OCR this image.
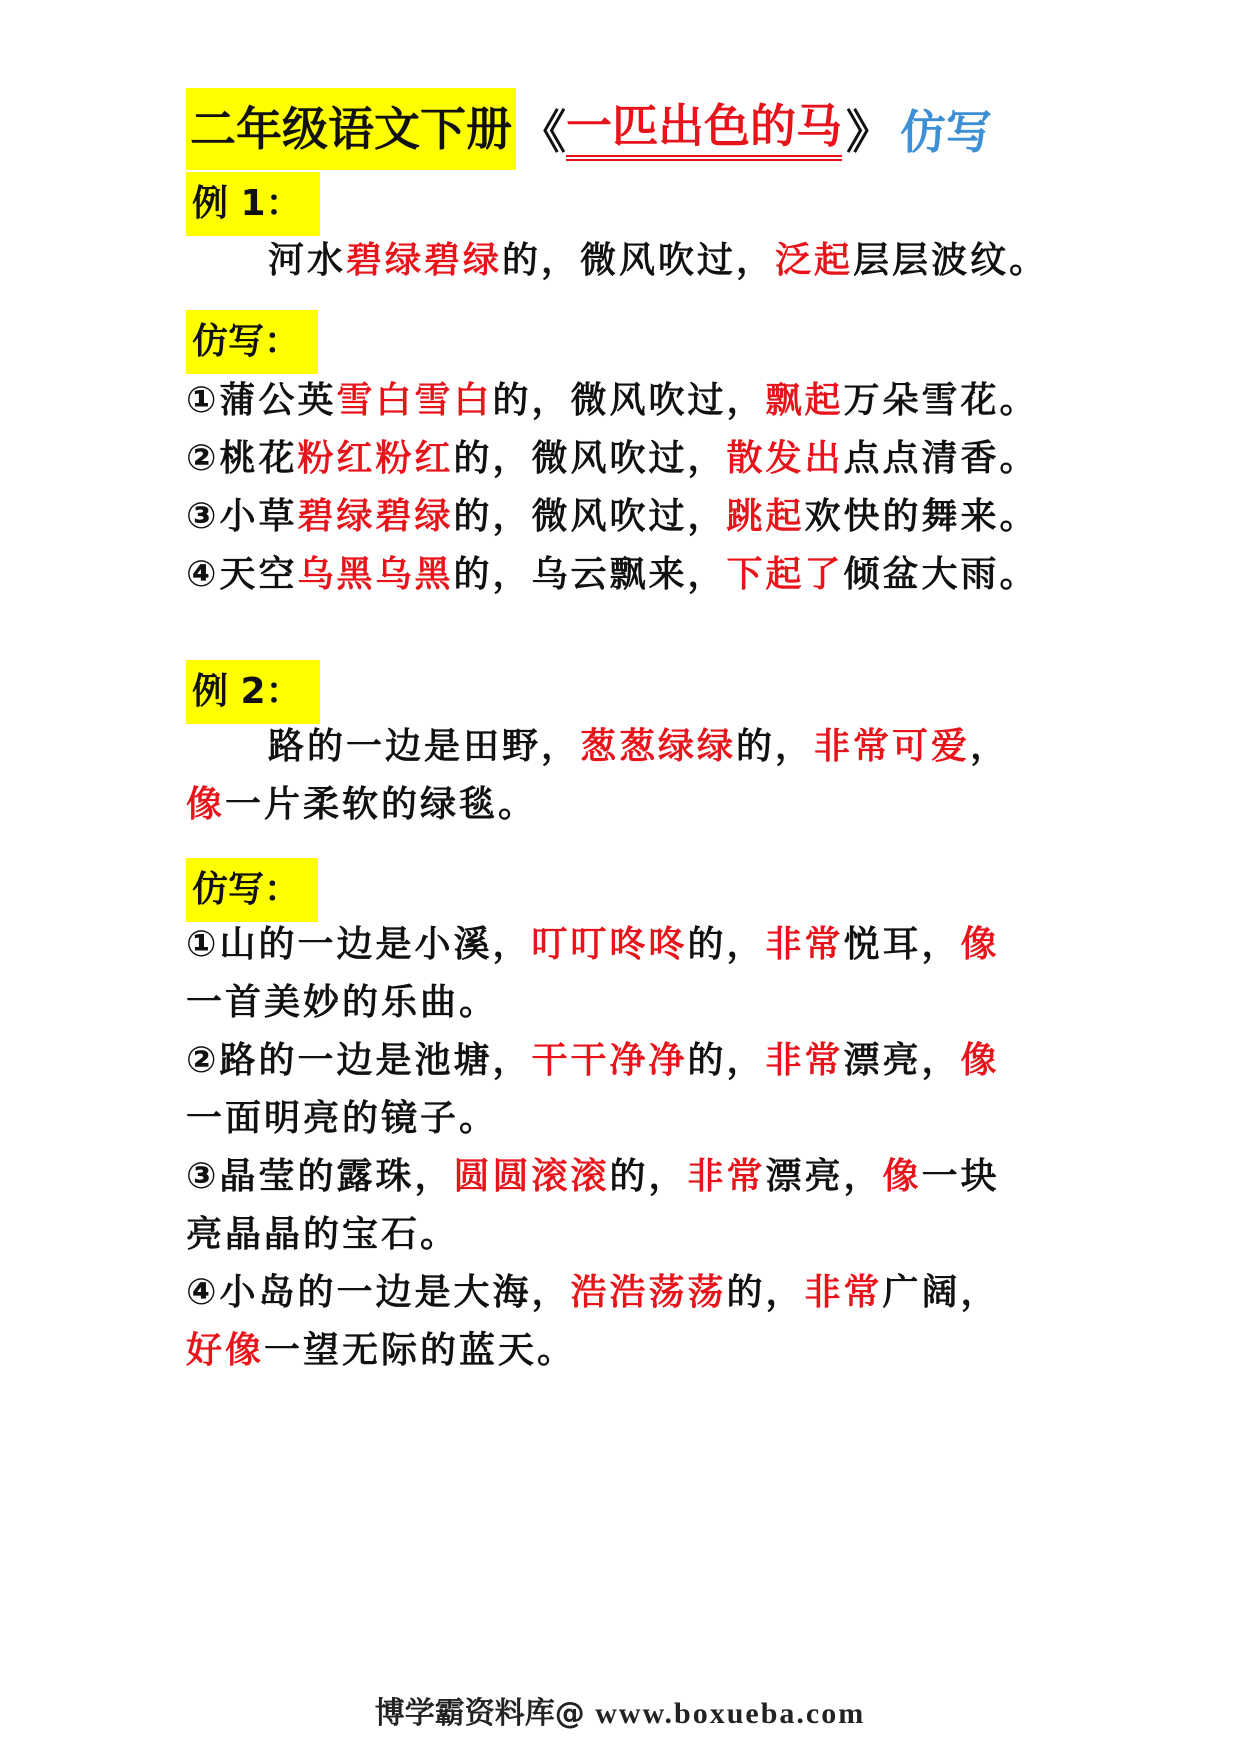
二年级语文下册 《 一匹出色的马 》 仿写
例 1：
河水碧绿碧绿的，微风吹过，泛起层层波纹。
仿写：
①蒲公英雪白雪白的，微风吹过，飘起万朵雪花。
②桃花粉红粉红的，微风吹过，散发出点点清香。
③小草碧绿碧绿的，微风吹过，跳起欢快的舞来。
④天空乌黑乌黑的，乌云飘来，下起了倾盆大雨。
例 2：
路的一边是田野，葱葱绿绿的，非常可爱，
像一片柔软的绿毯。
仿写：
①山的一边是小溪，叮叮咚咚的，非常悦耳，像
一首美妙的乐曲。
②路的一边是池塘，干干净净的，非常漂亮，像
一面明亮的镜子。
③晶莹的露珠，圆圆滚滚的，非常漂亮，像一块
亮晶晶的宝石。
④小岛的一边是大海，浩浩荡荡的，非常广阔，
好像一望无际的蓝天。
博学霸资料库@ www.boxueba.com
